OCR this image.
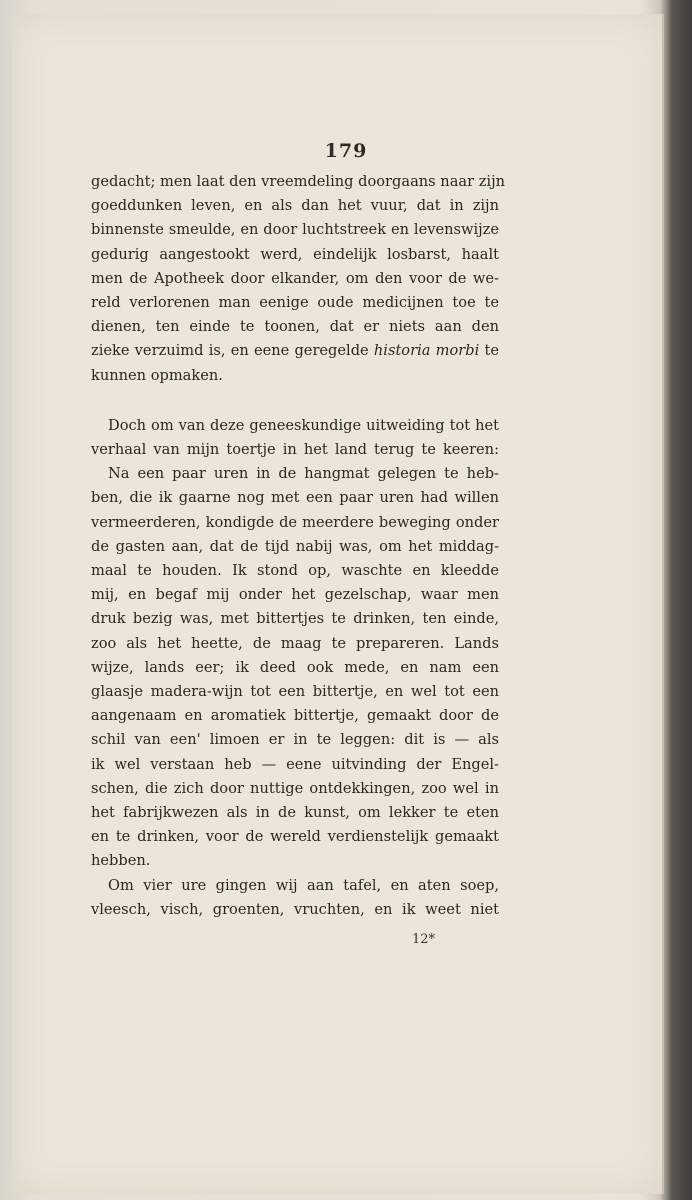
179
gedacht; men laat den vreemdeling doorgaans naar zijn
goeddunken leven, en als dan het vuur, dat in zijn
binnenste smeulde, en door luchtstreek en levenswijze
gedurig aangestookt werd, eindelijk losbarst, haalt
men de Apotheek door elkander, om den voor de we-
reld verlorenen man eenige oude medicijnen toe te
dienen, ten einde te toonen, dat er niets aan den
zieke verzuimd is, en eene geregelde historia morbi te
kunnen opmaken.
Doch om van deze geneeskundige uitweiding tot het
verhaal van mijn toertje in het land terug te keeren:
Na een paar uren in de hangmat gelegen te heb-
ben, die ik gaarne nog met een paar uren had willen
vermeerderen, kondigde de meerdere beweging onder
de gasten aan, dat de tijd nabij was, om het middag-
maal te houden. Ik stond op, waschte en kleedde
mij, en begaf mij onder het gezelschap, waar men
druk bezig was, met bittertjes te drinken, ten einde,
zoo als het heette, de maag te prepareren. Lands
wijze, lands eer; ik deed ook mede, en nam een
glaasje madera-wijn tot een bittertje, en wel tot een
aangenaam en aromatiek bittertje, gemaakt door de
schil van een' limoen er in te leggen: dit is — als
ik wel verstaan heb — eene uitvinding der Engel-
schen, die zich door nuttige ontdekkingen, zoo wel in
het fabrijkwezen als in de kunst, om lekker te eten
en te drinken, voor de wereld verdienstelijk gemaakt
hebben.
Om vier ure gingen wij aan tafel, en aten soep,
vleesch, visch, groenten, vruchten, en ik weet niet
12*
